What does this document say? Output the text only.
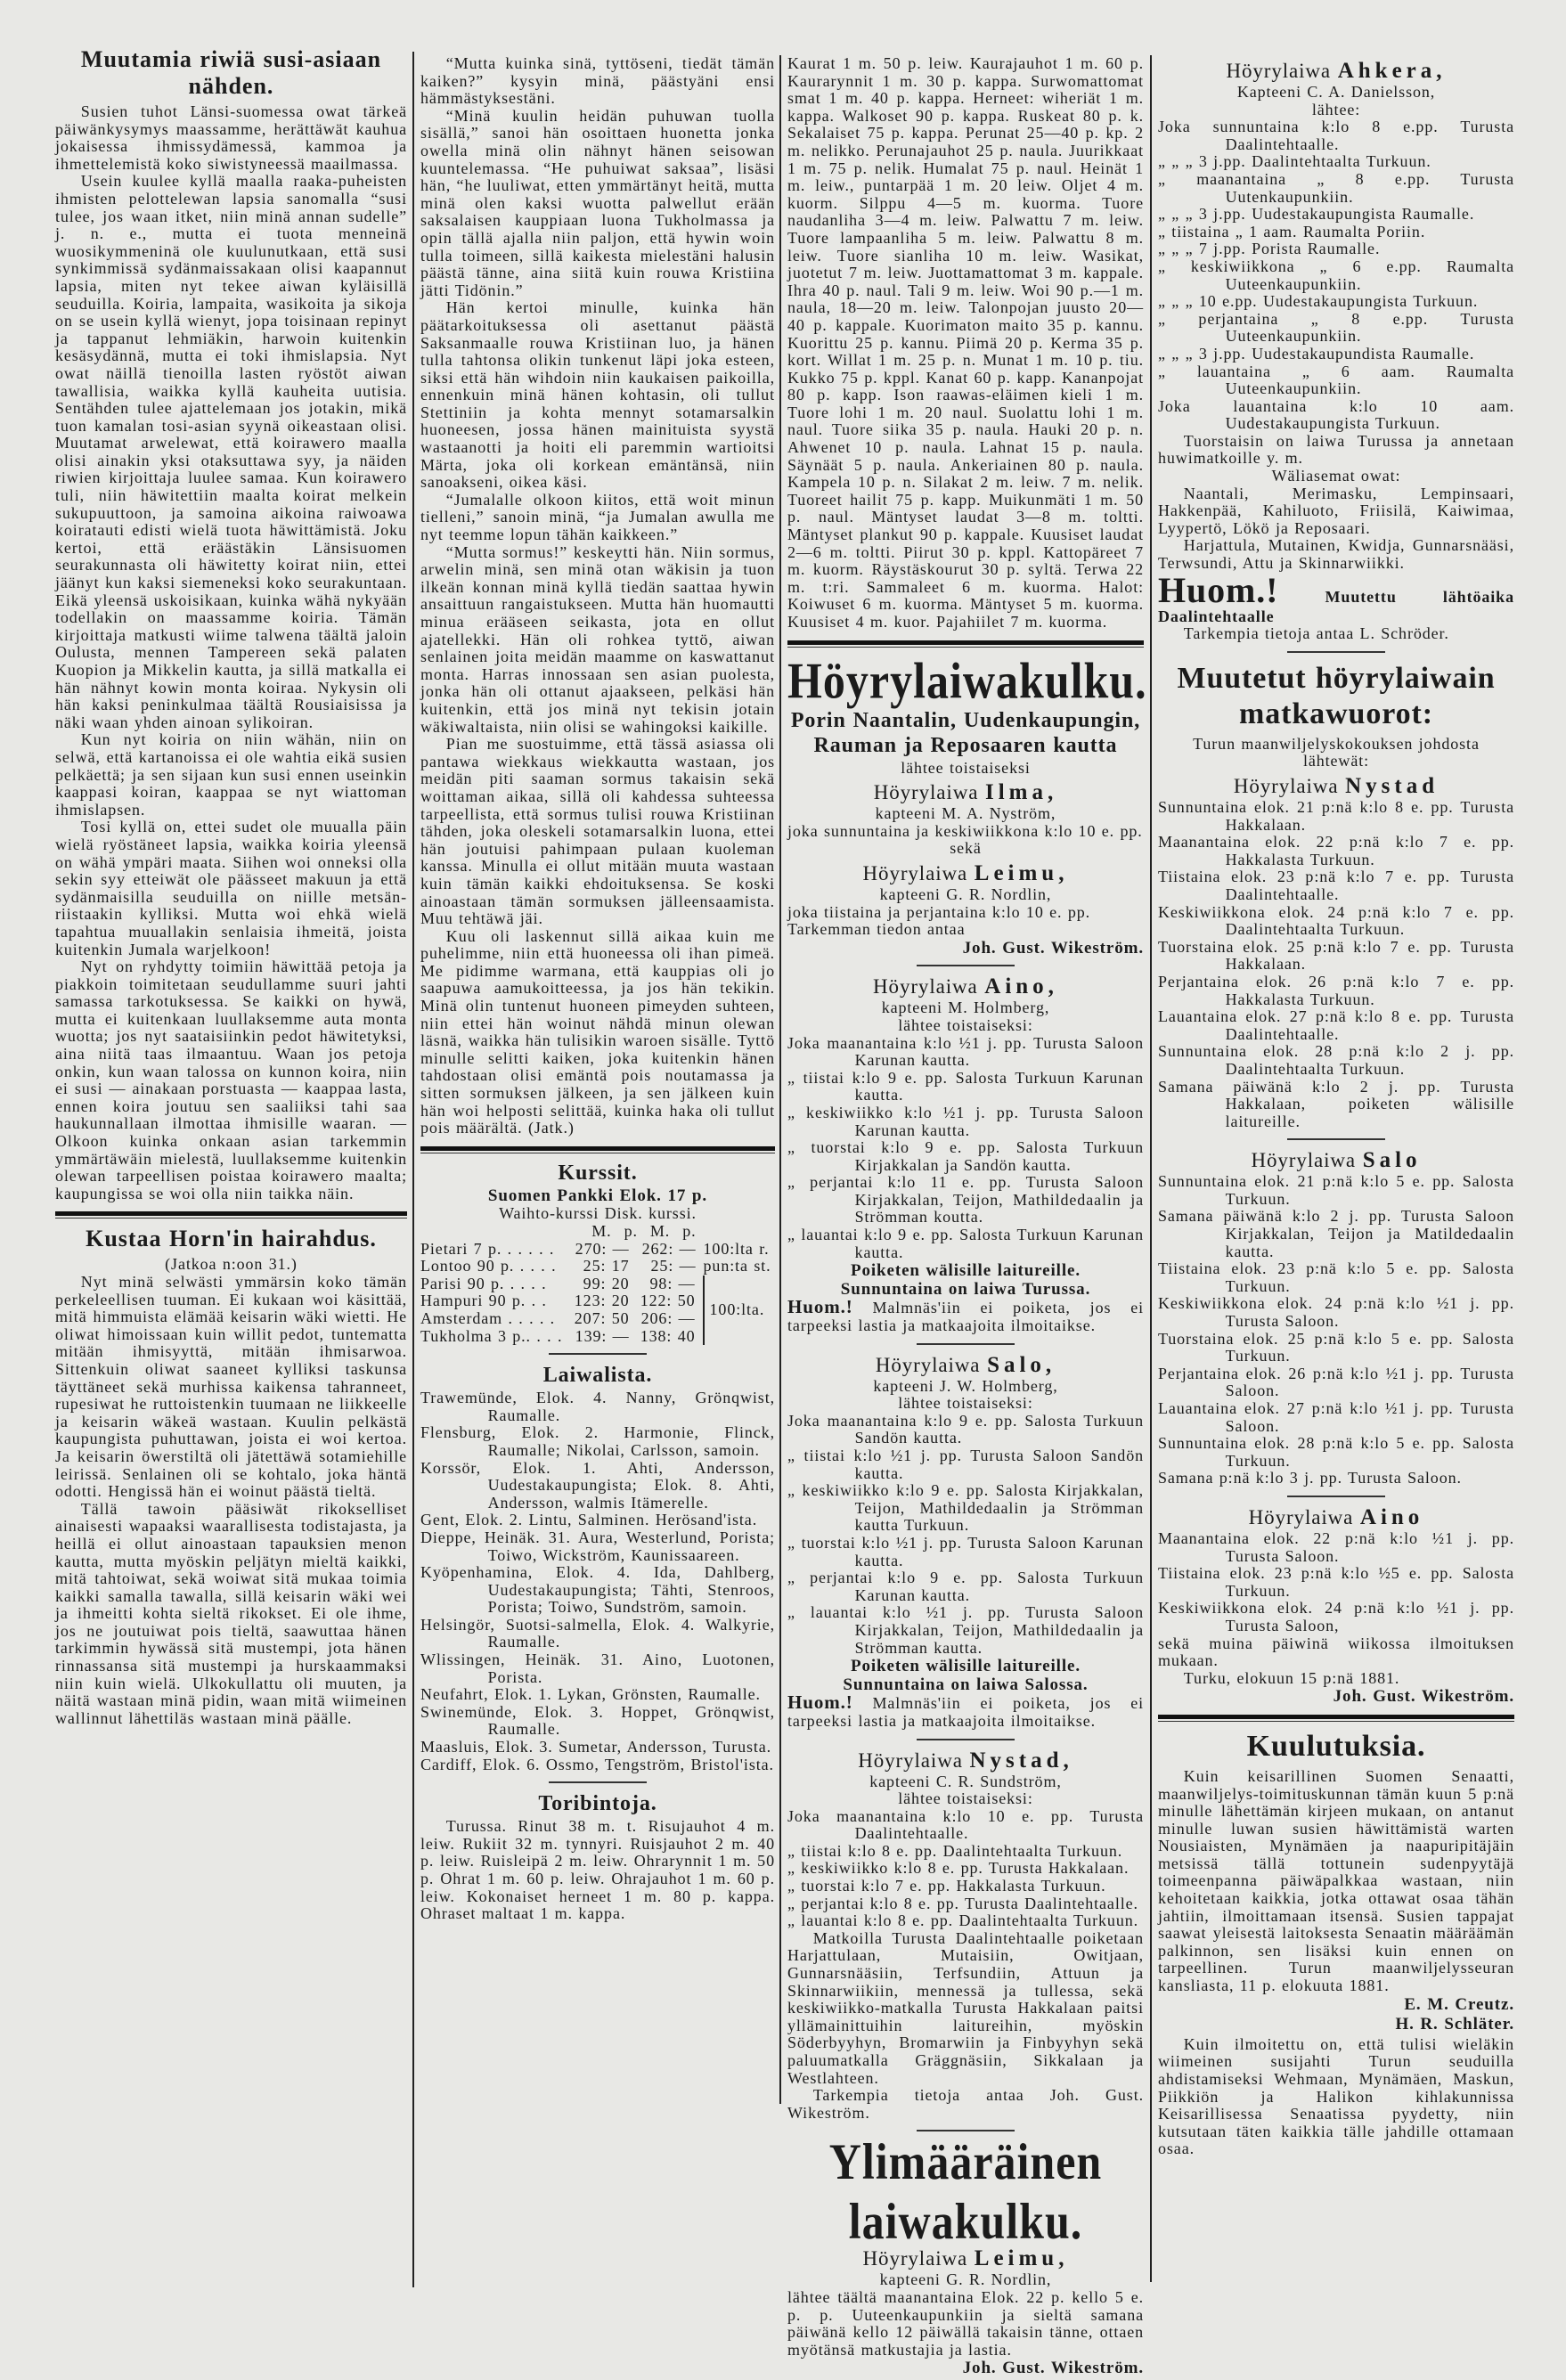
Muutamia riwiä susi-asiaan nähden.

Susien tuhot Länsi-suomessa owat tärkeä päiwänkysymys maassamme, herättäwät kauhua jokaisessa ihmissydämessä, kammoa ja ihmettelemistä koko siwistyneessä maailmassa.

Usein kuulee kyllä maalla raaka-puheisten ihmisten pelottelewan lapsia sanomalla “susi tulee, jos waan itket, niin minä annan sudelle” j. n. e., mutta ei tuota menneinä wuosikymmeninä ole kuulunutkaan, että susi synkimmissä sydänmaissakaan olisi kaapannut lapsia, miten nyt tekee aiwan kyläisillä seuduilla. Koiria, lampaita, wasikoita ja sikoja on se usein kyllä wienyt, jopa toisinaan repinyt ja tappanut lehmiäkin, harwoin kuitenkin kesäsydännä, mutta ei toki ihmislapsia. Nyt owat näillä tienoilla lasten ryöstöt aiwan tawallisia, waikka kyllä kauheita uutisia. Sentähden tulee ajattelemaan jos jotakin, mikä tuon kamalan tosi-asian syynä oikeastaan olisi. Muutamat arwelewat, että koirawero maalla olisi ainakin yksi otaksuttawa syy, ja näiden riwien kirjoittaja luulee samaa. Kun koirawero tuli, niin häwitettiin maalta koirat melkein sukupuuttoon, ja samoina aikoina raiwoawa koiratauti edisti wielä tuota häwittämistä. Joku kertoi, että eräästäkin Länsisuomen seurakunnasta oli häwitetty koirat niin, ettei jäänyt kun kaksi siemeneksi koko seurakuntaan. Eikä yleensä uskoisikaan, kuinka wähä nykyään todellakin on maassamme koiria. Tämän kirjoittaja matkusti wiime talwena täältä jaloin Oulusta, mennen Tampereen sekä palaten Kuopion ja Mikkelin kautta, ja sillä matkalla ei hän nähnyt kowin monta koiraa. Nykysin oli hän kaksi peninkulmaa täältä Rousiaisissa ja näki waan yhden ainoan sylikoiran.

Kun nyt koiria on niin wähän, niin on selwä, että kartanoissa ei ole wahtia eikä susien pelkäettä; ja sen sijaan kun susi ennen useinkin kaappasi koiran, kaappaa se nyt wiattoman ihmislapsen.

Tosi kyllä on, ettei sudet ole muualla päin wielä ryöstäneet lapsia, waikka koiria yleensä on wähä ympäri maata. Siihen woi onneksi olla sekin syy etteiwät ole päässeet makuun ja että sydänmaisilla seuduilla on niille metsän-riistaakin kylliksi. Mutta woi ehkä wielä tapahtua muuallakin senlaisia ihmeitä, joista kuitenkin Jumala warjelkoon!

Nyt on ryhdytty toimiin häwittää petoja ja piakkoin toimitetaan seudullamme suuri jahti samassa tarkotuksessa. Se kaikki on hywä, mutta ei kuitenkaan luullaksemme auta monta wuotta; jos nyt saataisiinkin pedot häwitetyksi, aina niitä taas ilmaantuu. Waan jos petoja onkin, kun waan talossa on kunnon koira, niin ei susi — ainakaan porstuasta — kaappaa lasta, ennen koira joutuu sen saaliiksi tahi saa haukunnallaan ilmottaa ihmisille waaran. — Olkoon kuinka onkaan asian tarkemmin ymmärtäwäin mielestä, luullaksemme kuitenkin olewan tarpeellisen poistaa koirawero maalta; kaupungissa se woi olla niin taikka näin.

Kustaa Horn'in hairahdus.
(Jatkoa n:oon 31.)

Nyt minä selwästi ymmärsin koko tämän perkeleellisen tuuman. Ei kukaan woi käsittää, mitä himmuista elämää keisarin wäki wietti. He oliwat himoissaan kuin willit pedot, tuntematta mitään ihmisyyttä, mitään ihmisarwoa. Sittenkuin oliwat saaneet kylliksi taskunsa täyttäneet sekä murhissa kaikensa tahranneet, rupesiwat he ruttoistenkin tuumaan ne liikkeelle ja keisarin wäkeä wastaan. Kuulin pelkästä kaupungista puhuttawan, joista ei woi kertoa. Ja keisarin öwerstiltä oli jätettäwä sotamiehille leirissä. Senlainen oli se kohtalo, joka häntä odotti. Hengissä hän ei woinut päästä tieltä.

Tällä tawoin pääsiwät rikokselliset ainaisesti wapaaksi waarallisesta todistajasta, ja heillä ei ollut ainoastaan tapauksien menon kautta, mutta myöskin peljätyn mieltä kaikki, mitä tahtoiwat, sekä woiwat sitä mukaa toimia kaikki samalla tawalla, sillä keisarin wäki wei ja ihmeitti kohta sieltä rikokset. Ei ole ihme, jos ne joutuiwat pois tieltä, saawuttaa hänen tarkimmin hywässä sitä mustempi, jota hänen rinnassansa sitä mustempi ja hurskaammaksi niin kuin wielä. Ulkokullattu oli muuten, ja näitä wastaan minä pidin, waan mitä wiimeinen wallinnut lähettiläs wastaan minä päälle.

“Mutta kuinka sinä, tyttöseni, tiedät tämän kaiken?” kysyin minä, päästyäni ensi hämmästyksestäni.

“Minä kuulin heidän puhuwan tuolla sisällä,” sanoi hän osoittaen huonetta jonka owella minä olin nähnyt hänen seisowan kuuntelemassa. “He puhuiwat saksaa”, lisäsi hän, “he luuliwat, etten ymmärtänyt heitä, mutta minä olen kaksi wuotta palwellut erään saksalaisen kauppiaan luona Tukholmassa ja opin tällä ajalla niin paljon, että hywin woin tulla toimeen, sillä kaikesta mielestäni halusin päästä tänne, aina siitä kuin rouwa Kristiina jätti Tidönin.”

Hän kertoi minulle, kuinka hän päätarkoituksessa oli asettanut päästä Saksanmaalle rouwa Kristiinan luo, ja hänen tulla tahtonsa olikin tunkenut läpi joka esteen, siksi että hän wihdoin niin kaukaisen paikoilla, ennenkuin minä hänen kohtasin, oli tullut Stettiniin ja kohta mennyt sotamarsalkin huoneesen, jossa hänen mainituista syystä wastaanotti ja hoiti eli paremmin wartioitsi Märta, joka oli korkean emäntänsä, niin sanoakseni, oikea käsi.

“Jumalalle olkoon kiitos, että woit minun tielleni,” sanoin minä, “ja Jumalan awulla me nyt teemme lopun tähän kaikkeen.”

“Mutta sormus!” keskeytti hän. Niin sormus, arwelin minä, sen minä otan wäkisin ja tuon ilkeän konnan minä kyllä tiedän saattaa hywin ansaittuun rangaistukseen. Mutta hän huomautti minua erääseen seikasta, jota en ollut ajatellekki. Hän oli rohkea tyttö, aiwan senlainen joita meidän maamme on kaswattanut monta. Harras innossaan sen asian puolesta, jonka hän oli ottanut ajaakseen, pelkäsi hän kuitenkin, että jos minä nyt tekisin jotain wäkiwaltaista, niin olisi se wahingoksi kaikille.

Pian me suostuimme, että tässä asiassa oli pantawa wiekkaus wiekkautta wastaan, jos meidän piti saaman sormus takaisin sekä woittaman aikaa, sillä oli kahdessa suhteessa tarpeellista, että sormus tulisi rouwa Kristiinan tähden, joka oleskeli sotamarsalkin luona, ettei hän joutuisi pahimpaan pulaan kuoleman kanssa. Minulla ei ollut mitään muuta wastaan kuin tämän kaikki ehdoituksensa. Se koski ainoastaan tämän sormuksen jälleensaamista. Muu tehtäwä jäi.

Kuu oli laskennut sillä aikaa kuin me puhelimme, niin että huoneessa oli ihan pimeä. Me pidimme warmana, että kauppias oli jo saapuwa aamukoitteessa, ja jos hän tekikin. Minä olin tuntenut huoneen pimeyden suhteen, niin ettei hän woinut nähdä minun olewan läsnä, waikka hän tulisikin waroen sisälle. Tyttö minulle selitti kaiken, joka kuitenkin hänen tahdostaan olisi emäntä pois noutamassa ja sitten sormuksen jälkeen, ja sen jälkeen kuin hän woi helposti selittää, kuinka haka oli tullut pois määrältä. (Jatk.)

Kurssit.
Suomen Pankki Elok. 17 p.

Waihto-kurssi Disk. kurssi.

	M. p. M. p.		
Pietari 7 p. . . . . .	270: —	262: —	100:lta r.
Lontoo 90 p. . . . .	25: 17	25: —	pun:ta st.
Parisi 90 p. . . . .	99: 20	98: —	100:lta.
Hampuri 90 p. . .	123: 20	122: 50	
Amsterdam . . . . .	207: 50	206: —	
Tukholma 3 p.. . . .	139: —	138: 40	
Laiwalista.

Trawemünde, Elok. 4. Nanny, Grönqwist, Raumalle.

Flensburg, Elok. 2. Harmonie, Flinck, Raumalle; Nikolai, Carlsson, samoin.

Korssör, Elok. 1. Ahti, Andersson, Uudestakaupungista; Elok. 8. Ahti, Andersson, walmis Itämerelle.

Gent, Elok. 2. Lintu, Salminen. Herösand'ista.

Dieppe, Heinäk. 31. Aura, Westerlund, Porista; Toiwo, Wickström, Kaunissaareen.

Kyöpenhamina, Elok. 4. Ida, Dahlberg, Uudestakaupungista; Tähti, Stenroos, Porista; Toiwo, Sundström, samoin.

Helsingör, Suotsi-salmella, Elok. 4. Walkyrie, Raumalle.

Wlissingen, Heinäk. 31. Aino, Luotonen, Porista.

Neufahrt, Elok. 1. Lykan, Grönsten, Raumalle.

Swinemünde, Elok. 3. Hoppet, Grönqwist, Raumalle.

Maasluis, Elok. 3. Sumetar, Andersson, Turusta.

Cardiff, Elok. 6. Ossmo, Tengström, Bristol'ista.

Toribintoja.

Turussa. Rinut 38 m. t. Risujauhot 4 m. leiw. Rukiit 32 m. tynnyri. Ruisjauhot 2 m. 40 p. leiw. Ruisleipä 2 m. leiw. Ohrarynnit 1 m. 50 p. Ohrat 1 m. 60 p. leiw. Ohrajauhot 1 m. 60 p. leiw. Kokonaiset herneet 1 m. 80 p. kappa. Ohraset maltaat 1 m. kappa.

Kaurat 1 m. 50 p. leiw. Kaurajauhot 1 m. 60 p. Kaurarynnit 1 m. 30 p. kappa. Surwomattomat smat 1 m. 40 p. kappa. Herneet: wiheriät 1 m. kappa. Walkoset 90 p. kappa. Ruskeat 80 p. k. Sekalaiset 75 p. kappa. Perunat 25—40 p. kp. 2 m. nelikko. Perunajauhot 25 p. naula. Juurikkaat 1 m. 75 p. nelik. Humalat 75 p. naul. Heinät 1 m. leiw., puntarpää 1 m. 20 leiw. Oljet 4 m. kuorm. Silppu 4—5 m. kuorma. Tuore naudanliha 3—4 m. leiw. Palwattu 7 m. leiw. Tuore lampaanliha 5 m. leiw. Palwattu 8 m. leiw. Tuore sianliha 10 m. leiw. Wasikat, juotetut 7 m. leiw. Juottamattomat 3 m. kappale. Ihra 40 p. naul. Tali 9 m. leiw. Woi 90 p.—1 m. naula, 18—20 m. leiw. Talonpojan juusto 20—40 p. kappale. Kuorimaton maito 35 p. kannu. Kuorittu 25 p. kannu. Piimä 20 p. Kerma 35 p. kort. Willat 1 m. 25 p. n. Munat 1 m. 10 p. tiu. Kukko 75 p. kppl. Kanat 60 p. kapp. Kananpojat 80 p. kapp. Ison raawas-eläimen kieli 1 m. Tuore lohi 1 m. 20 naul. Suolattu lohi 1 m. naul. Tuore siika 35 p. naula. Hauki 20 p. n. Ahwenet 10 p. naula. Lahnat 15 p. naula. Säynäät 5 p. naula. Ankeriainen 80 p. naula. Kampela 10 p. n. Silakat 2 m. leiw. 7 m. nelik. Tuoreet hailit 75 p. kapp. Muikunmäti 1 m. 50 p. naul. Mäntyset laudat 3—8 m. toltti. Mäntyset plankut 90 p. kappale. Kuusiset laudat 2—6 m. toltti. Piirut 30 p. kppl. Kattopäreet 7 m. kuorm. Räystäskourut 30 p. syltä. Terwa 22 m. t:ri. Sammaleet 6 m. kuorma. Halot: Koiwuset 6 m. kuorma. Mäntyset 5 m. kuorma. Kuusiset 4 m. kuor. Pajahiilet 7 m. kuorma.

Höyrylaiwakulku.
Porin Naantalin, Uudenkaupungin, Rauman ja Reposaaren kautta
lähtee toistaiseksi
Höyrylaiwa Ilma,
kapteeni M. A. Nyström,

joka sunnuntaina ja keskiwiikkona k:lo 10 e. pp.

sekä
Höyrylaiwa Leimu,
kapteeni G. R. Nordlin,

joka tiistaina ja perjantaina k:lo 10 e. pp.

Tarkemman tiedon antaa

Joh. Gust. Wikeström.
Höyrylaiwa Aino,
kapteeni M. Holmberg,
lähtee toistaiseksi:

Joka maanantaina k:lo ½1 j. pp. Turusta Saloon Karunan kautta.

„ tiistai k:lo 9 e. pp. Salosta Turkuun Karunan kautta.

„ keskiwiikko k:lo ½1 j. pp. Turusta Saloon Karunan kautta.

„ tuorstai k:lo 9 e. pp. Salosta Turkuun Kirjakkalan ja Sandön kautta.

„ perjantai k:lo 11 e. pp. Turusta Saloon Kirjakkalan, Teijon, Mathildedaalin ja Strömman koutta.

„ lauantai k:lo 9 e. pp. Salosta Turkuun Karunan kautta.

Poiketen wälisille laitureille.
Sunnuntaina on laiwa Turussa.

Huom.! Malmnäs'iin ei poiketa, jos ei tarpeeksi lastia ja matkaajoita ilmoitaikse.

Höyrylaiwa Salo,
kapteeni J. W. Holmberg,
lähtee toistaiseksi:

Joka maanantaina k:lo 9 e. pp. Salosta Turkuun Sandön kautta.

„ tiistai k:lo ½1 j. pp. Turusta Saloon Sandön kautta.

„ keskiwiikko k:lo 9 e. pp. Salosta Kirjakkalan, Teijon, Mathildedaalin ja Strömman kautta Turkuun.

„ tuorstai k:lo ½1 j. pp. Turusta Saloon Karunan kautta.

„ perjantai k:lo 9 e. pp. Salosta Turkuun Karunan kautta.

„ lauantai k:lo ½1 j. pp. Turusta Saloon Kirjakkalan, Teijon, Mathildedaalin ja Strömman kautta.

Poiketen wälisille laitureille.
Sunnuntaina on laiwa Salossa.

Huom.! Malmnäs'iin ei poiketa, jos ei tarpeeksi lastia ja matkaajoita ilmoitaikse.

Höyrylaiwa Nystad,
kapteeni C. R. Sundström,
lähtee toistaiseksi:

Joka maanantaina k:lo 10 e. pp. Turusta Daalintehtaalle.

„ tiistai k:lo 8 e. pp. Daalintehtaalta Turkuun.

„ keskiwiikko k:lo 8 e. pp. Turusta Hakkalaan.

„ tuorstai k:lo 7 e. pp. Hakkalasta Turkuun.

„ perjantai k:lo 8 e. pp. Turusta Daalintehtaalle.

„ lauantai k:lo 8 e. pp. Daalintehtaalta Turkuun.

Matkoilla Turusta Daalintehtaalle poiketaan Harjattulaan, Mutaisiin, Owitjaan, Gunnarsnääsiin, Terfsundiin, Attuun ja Skinnarwiikiin, mennessä ja tullessa, sekä keskiwiikko-matkalla Turusta Hakkalaan paitsi yllämainittuihin laitureihin, myöskin Söderbyyhyn, Bromarwiin ja Finbyyhyn sekä paluumatkalla Gräggnäsiin, Sikkalaan ja Westlahteen.

Tarkempia tietoja antaa Joh. Gust. Wikeström.

Ylimääräinen laiwakulku.
Höyrylaiwa Leimu,
kapteeni G. R. Nordlin,

lähtee täältä maanantaina Elok. 22 p. kello 5 e. p. p. Uuteenkaupunkiin ja sieltä samana päiwänä kello 12 päiwällä takaisin tänne, ottaen myötänsä matkustajia ja lastia.

Joh. Gust. Wikeström.
Höyrylaiwa Ahkera,
Kapteeni C. A. Danielsson,
lähtee:

Joka sunnuntaina k:lo 8 e.pp. Turusta Daalintehtaalle.

„ „ „ 3 j.pp. Daalintehtaalta Turkuun.

„ maanantaina „ 8 e.pp. Turusta Uutenkaupunkiin.

„ „ „ 3 j.pp. Uudestakaupungista Raumalle.

„ tiistaina „ 1 aam. Raumalta Poriin.

„ „ „ 7 j.pp. Porista Raumalle.

„ keskiwiikkona „ 6 e.pp. Raumalta Uuteenkaupunkiin.

„ „ „ 10 e.pp. Uudestakaupungista Turkuun.

„ perjantaina „ 8 e.pp. Turusta Uuteenkaupunkiin.

„ „ „ 3 j.pp. Uudestakaupundista Raumalle.

„ lauantaina „ 6 aam. Raumalta Uuteenkaupunkiin.

Joka lauantaina k:lo 10 aam. Uudestakaupungista Turkuun.

Tuorstaisin on laiwa Turussa ja annetaan huwimatkoille y. m.

Wäliasemat owat:

Naantali, Merimasku, Lempinsaari, Hakkenpää, Kahiluoto, Friisilä, Kaiwimaa, Lyypertö, Lökö ja Reposaari.

Harjattula, Mutainen, Kwidja, Gunnarsnääsi, Terwsundi, Attu ja Skinnarwiikki.

Huom.!	Muutettu lähtöaika Daalintehtaalle

Tarkempia tietoja antaa L. Schröder.

Muutetut höyrylaiwain matkawuorot:
Turun maanwiljelyskokouksen johdosta lähtewät:
Höyrylaiwa Nystad

Sunnuntaina elok. 21 p:nä k:lo 8 e. pp. Turusta Hakkalaan.

Maanantaina elok. 22 p:nä k:lo 7 e. pp. Hakkalasta Turkuun.

Tiistaina elok. 23 p:nä k:lo 7 e. pp. Turusta Daalintehtaalle.

Keskiwiikkona elok. 24 p:nä k:lo 7 e. pp. Daalintehtaalta Turkuun.

Tuorstaina elok. 25 p:nä k:lo 7 e. pp. Turusta Hakkalaan.

Perjantaina elok. 26 p:nä k:lo 7 e. pp. Hakkalasta Turkuun.

Lauantaina elok. 27 p:nä k:lo 8 e. pp. Turusta Daalintehtaalle.

Sunnuntaina elok. 28 p:nä k:lo 2 j. pp. Daalintehtaalta Turkuun.

Samana päiwänä k:lo 2 j. pp. Turusta Hakkalaan, poiketen wälisille laitureille.

Höyrylaiwa Salo

Sunnuntaina elok. 21 p:nä k:lo 5 e. pp. Salosta Turkuun.

Samana päiwänä k:lo 2 j. pp. Turusta Saloon Kirjakkalan, Teijon ja Matildedaalin kautta.

Tiistaina elok. 23 p:nä k:lo 5 e. pp. Salosta Turkuun.

Keskiwiikkona elok. 24 p:nä k:lo ½1 j. pp. Turusta Saloon.

Tuorstaina elok. 25 p:nä k:lo 5 e. pp. Salosta Turkuun.

Perjantaina elok. 26 p:nä k:lo ½1 j. pp. Turusta Saloon.

Lauantaina elok. 27 p:nä k:lo ½1 j. pp. Turusta Saloon.

Sunnuntaina elok. 28 p:nä k:lo 5 e. pp. Salosta Turkuun.

Samana p:nä k:lo 3 j. pp. Turusta Saloon.

Höyrylaiwa Aino

Maanantaina elok. 22 p:nä k:lo ½1 j. pp. Turusta Saloon.

Tiistaina elok. 23 p:nä k:lo ½5 e. pp. Salosta Turkuun.

Keskiwiikkona elok. 24 p:nä k:lo ½1 j. pp. Turusta Saloon,

sekä muina päiwinä wiikossa ilmoituksen mukaan.

Turku, elokuun 15 p:nä 1881.

Joh. Gust. Wikeström.
Kuulutuksia.

Kuin keisarillinen Suomen Senaatti, maanwiljelys-toimituskunnan tämän kuun 5 p:nä minulle lähettämän kirjeen mukaan, on antanut minulle luwan susien häwittämistä warten Nousiaisten, Mynämäen ja naapuripitäjäin metsissä tällä tottunein sudenpyytäjä toimeenpanna päiwäpalkkaa wastaan, niin kehoitetaan kaikkia, jotka ottawat osaa tähän jahtiin, ilmoittamaan itsensä. Susien tappajat saawat yleisestä laitoksesta Senaatin määräämän palkinnon, sen lisäksi kuin ennen on tarpeellinen. Turun maanwiljelysseuran kansliasta, 11 p. elokuuta 1881.

E. M. Creutz.
H. R. Schläter.

Kuin ilmoitettu on, että tulisi wieläkin wiimeinen susijahti Turun seuduilla ahdistamiseksi Wehmaan, Mynämäen, Maskun, Piikkiön ja Halikon kihlakunnissa Keisarillisessa Senaatissa pyydetty, niin kutsutaan täten kaikkia tälle jahdille ottamaan osaa.
